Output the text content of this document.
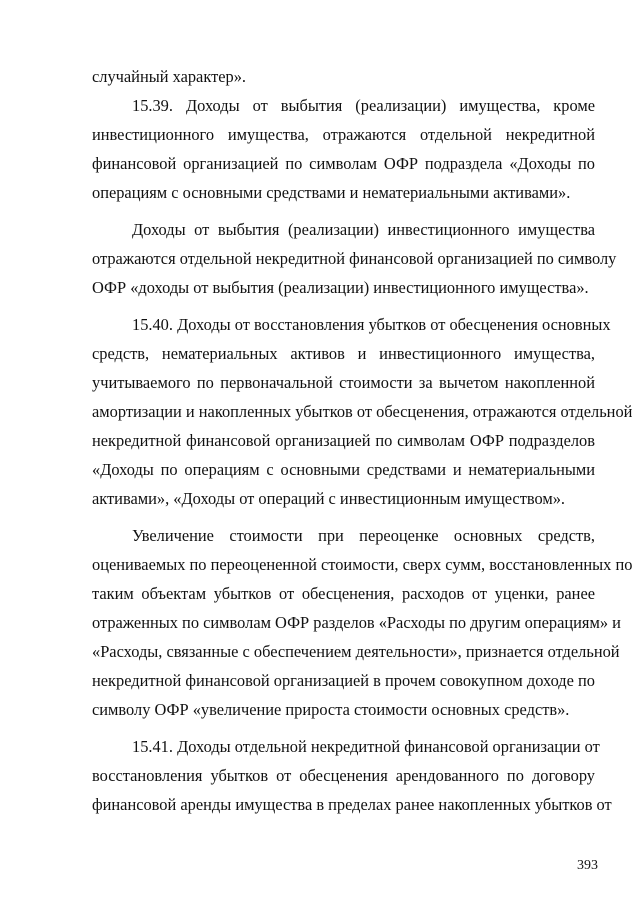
случайный характер».
15.39. Доходы от выбытия (реализации) имущества, кроме
инвестиционного имущества, отражаются отдельной некредитной
финансовой организацией по символам ОФР подраздела «Доходы по
операциям с основными средствами и нематериальными активами».
Доходы от выбытия (реализации) инвестиционного имущества
отражаются отдельной некредитной финансовой организацией по символу
ОФР «доходы от выбытия (реализации) инвестиционного имущества».
15.40. Доходы от восстановления убытков от обесценения основных
средств, нематериальных активов и инвестиционного имущества,
учитываемого по первоначальной стоимости за вычетом накопленной
амортизации и накопленных убытков от обесценения, отражаются отдельной
некредитной финансовой организацией по символам ОФР подразделов
«Доходы по операциям с основными средствами и нематериальными
активами», «Доходы от операций с инвестиционным имуществом».
Увеличение стоимости при переоценке основных средств,
оцениваемых по переоцененной стоимости, сверх сумм, восстановленных по
таким объектам убытков от обесценения, расходов от уценки, ранее
отраженных по символам ОФР разделов «Расходы по другим операциям» и
«Расходы, связанные с обеспечением деятельности», признается отдельной
некредитной финансовой организацией в прочем совокупном доходе по
символу ОФР «увеличение прироста стоимости основных средств».
15.41. Доходы отдельной некредитной финансовой организации от
восстановления убытков от обесценения арендованного по договору
финансовой аренды имущества в пределах ранее накопленных убытков от
393
